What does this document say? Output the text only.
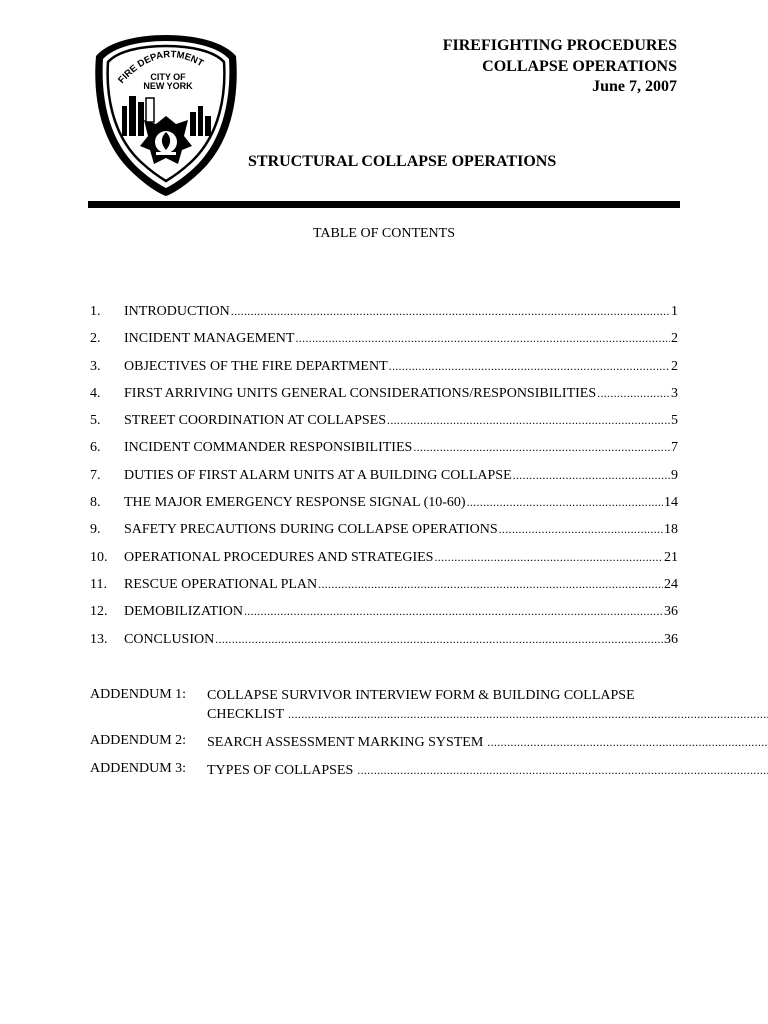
FIRE DEPARTMENT
CITY OF
NEW YORK
FIREFIGHTING PROCEDURES
COLLAPSE OPERATIONS
June 7, 2007
STRUCTURAL COLLAPSE OPERATIONS
TABLE OF CONTENTS
1.	INTRODUCTION .....	1
2.	INCIDENT MANAGEMENT .....	2
3.	OBJECTIVES OF THE FIRE DEPARTMENT .....	2
4.	FIRST ARRIVING UNITS GENERAL CONSIDERATIONS/RESPONSIBILITIES .....	3
5.	STREET COORDINATION AT COLLAPSES .....	5
6.	INCIDENT COMMANDER RESPONSIBILITIES .....	7
7.	DUTIES OF FIRST ALARM UNITS AT A BUILDING COLLAPSE .....	9
8.	THE MAJOR EMERGENCY RESPONSE SIGNAL (10-60) .....	14
9.	SAFETY PRECAUTIONS DURING COLLAPSE OPERATIONS .....	18
10.	OPERATIONAL PROCEDURES AND STRATEGIES .....	21
11.	RESCUE OPERATIONAL PLAN .....	24
12.	DEMOBILIZATION .....	36
13.	CONCLUSION .....	36
ADDENDUM 1:	COLLAPSE SURVIVOR INTERVIEW FORM & BUILDING COLLAPSE
CHECKLIST
.....
ADDENDUM 2:	SEARCH ASSESSMENT MARKING SYSTEM
.....
ADDENDUM 3:	TYPES OF COLLAPSES
.....
